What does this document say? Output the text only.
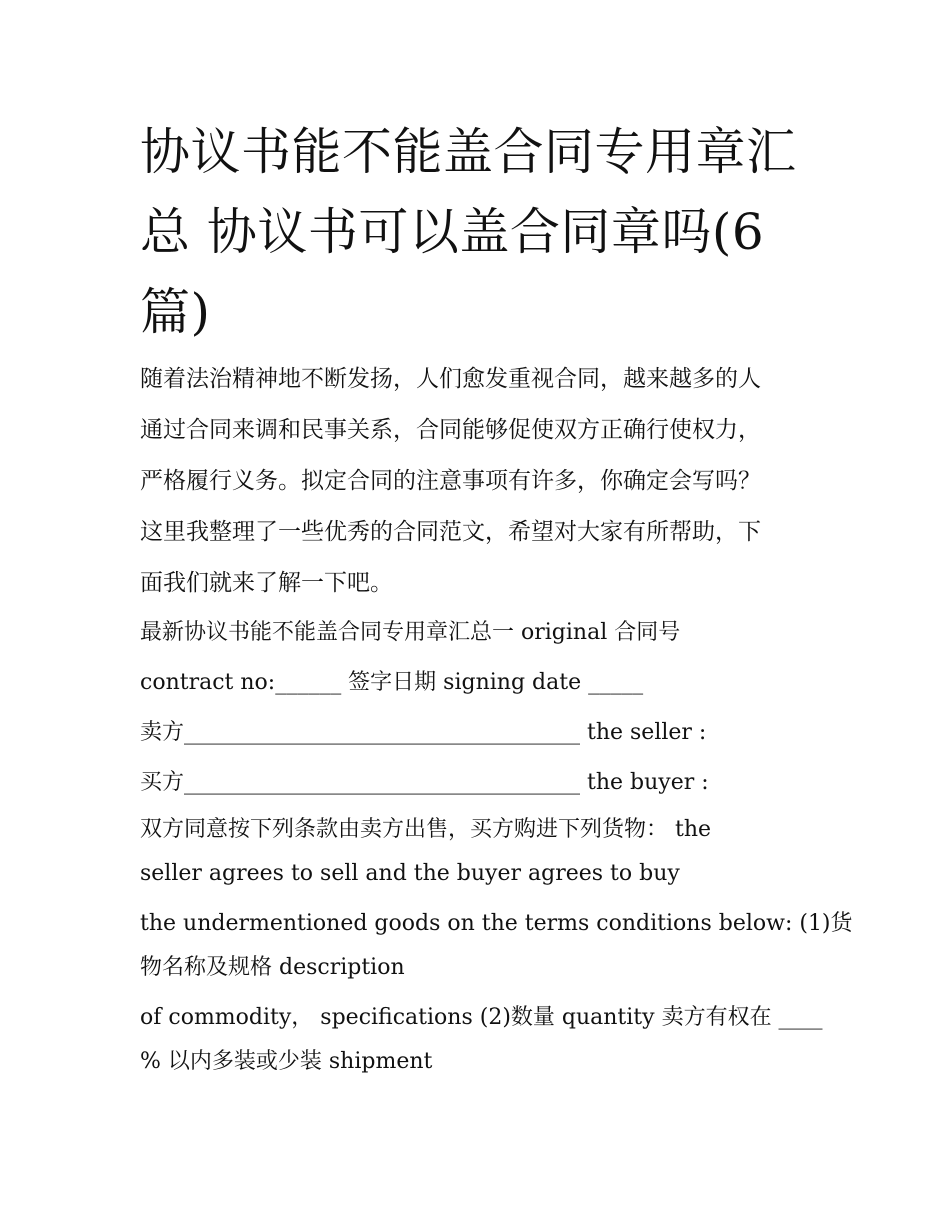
协议书能不能盖合同专用章汇
总 协议书可以盖合同章吗(6
篇)

随着法治精神地不断发扬，人们愈发重视合同，越来越多的人
通过合同来调和民事关系，合同能够促使双方正确行使权力，
严格履行义务。拟定合同的注意事项有许多，你确定会写吗？
这里我整理了一些优秀的合同范文，希望对大家有所帮助，下
面我们就来了解一下吧。

最新协议书能不能盖合同专用章汇总一 original 合同号
contract no:______ 签字日期 signing date _____
卖方____________________________________ the seller :
买方____________________________________ the buyer :
双方同意按下列条款由卖方出售，买方购进下列货物： the
seller agrees to sell and the buyer agrees to buy
the undermentioned goods on the terms conditions below: (1)货
物名称及规格 description
of commodity， specifications (2)数量 quantity 卖方有权在 ____
% 以内多装或少装 shipment
